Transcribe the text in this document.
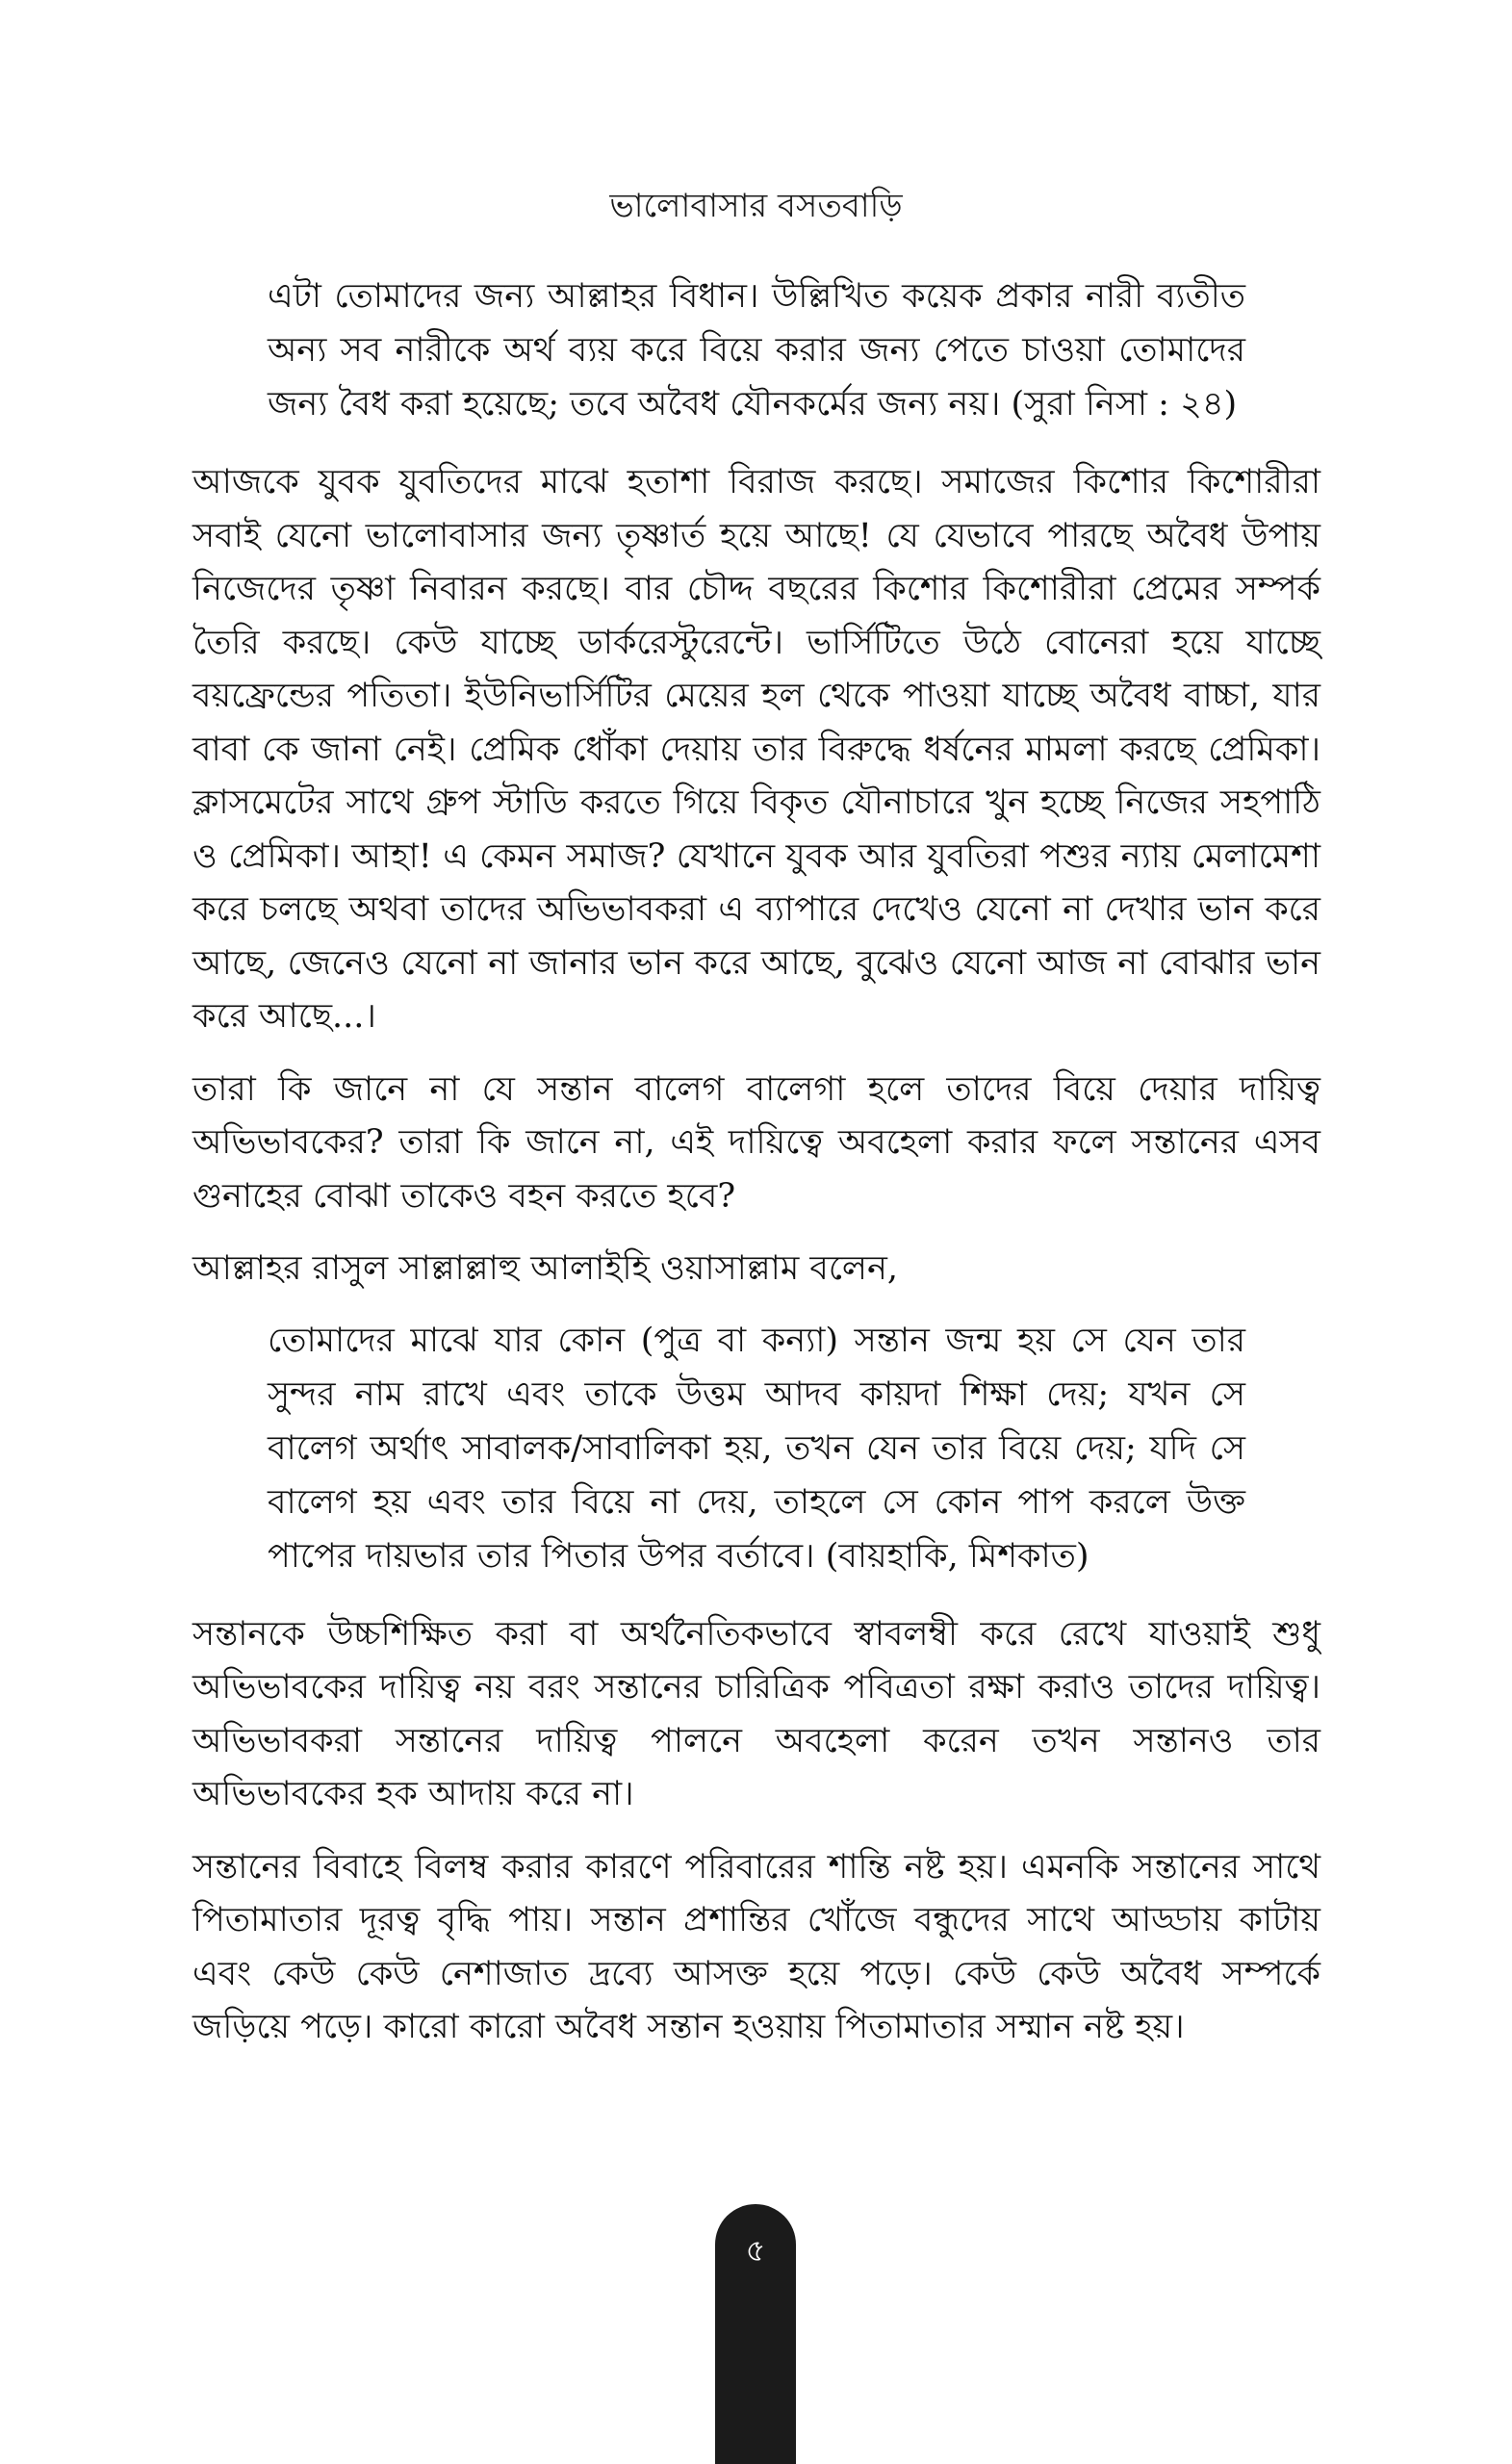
ভালোবাসার বসতবাড়ি

এটা তোমাদের জন্য আল্লাহর বিধান। উল্লিখিত কয়েক প্রকার নারী ব্যতীত অন্য সব নারীকে অর্থ ব্যয় করে বিয়ে করার জন্য পেতে চাওয়া তোমাদের জন্য বৈধ করা হয়েছে; তবে অবৈধ যৌনকর্মের জন্য নয়। (সুরা নিসা : ২৪)

আজকে যুবক যুবতিদের মাঝে হতাশা বিরাজ করছে। সমাজের কিশোর কিশোরীরা সবাই যেনো ভালোবাসার জন্য তৃষ্ণার্ত হয়ে আছে! যে যেভাবে পারছে অবৈধ উপায় নিজেদের তৃষ্ণা নিবারন করছে। বার চৌদ্দ বছরের কিশোর কিশোরীরা প্রেমের সম্পর্ক তৈরি করছে। কেউ যাচ্ছে ডার্করেস্টুরেন্টে। ভার্সিটিতে উঠে বোনেরা হয়ে যাচ্ছে বয়ফ্রেন্ডের পতিতা। ইউনিভার্সিটির মেয়ের হল থেকে পাওয়া যাচ্ছে অবৈধ বাচ্চা, যার বাবা কে জানা নেই। প্রেমিক ধোঁকা দেয়ায় তার বিরুদ্ধে ধর্ষনের মামলা করছে প্রেমিকা। ক্লাসমেটের সাথে গ্রুপ স্টাডি করতে গিয়ে বিকৃত যৌনাচারে খুন হচ্ছে নিজের সহপাঠি ও প্রেমিকা। আহা! এ কেমন সমাজ? যেখানে যুবক আর যুবতিরা পশুর ন্যায় মেলামেশা করে চলছে অথবা তাদের অভিভাবকরা এ ব্যাপারে দেখেও যেনো না দেখার ভান করে আছে, জেনেও যেনো না জানার ভান করে আছে, বুঝেও যেনো আজ না বোঝার ভান করে আছে...।

তারা কি জানে না যে সন্তান বালেগ বালেগা হলে তাদের বিয়ে দেয়ার দায়িত্ব অভিভাবকের? তারা কি জানে না, এই দায়িত্বে অবহেলা করার ফলে সন্তানের এসব গুনাহের বোঝা তাকেও বহন করতে হবে?

আল্লাহর রাসুল সাল্লাল্লাহু আলাইহি ওয়াসাল্লাম বলেন,

তোমাদের মাঝে যার কোন (পুত্র বা কন্যা) সন্তান জন্ম হয় সে যেন তার সুন্দর নাম রাখে এবং তাকে উত্তম আদব কায়দা শিক্ষা দেয়; যখন সে বালেগ অর্থাৎ সাবালক/সাবালিকা হয়, তখন যেন তার বিয়ে দেয়; যদি সে বালেগ হয় এবং তার বিয়ে না দেয়, তাহলে সে কোন পাপ করলে উক্ত পাপের দায়ভার তার পিতার উপর বর্তাবে। (বায়হাকি, মিশকাত)

সন্তানকে উচ্চশিক্ষিত করা বা অর্থনৈতিকভাবে স্বাবলম্বী করে রেখে যাওয়াই শুধু অভিভাবকের দায়িত্ব নয় বরং সন্তানের চারিত্রিক পবিত্রতা রক্ষা করাও তাদের দায়িত্ব। অভিভাবকরা সন্তানের দায়িত্ব পালনে অবহেলা করেন তখন সন্তানও তার অভিভাবকের হক আদায় করে না।

সন্তানের বিবাহে বিলম্ব করার কারণে পরিবারের শান্তি নষ্ট হয়। এমনকি সন্তানের সাথে পিতামাতার দূরত্ব বৃদ্ধি পায়। সন্তান প্রশান্তির খোঁজে বন্ধুদের সাথে আড্ডায় কাটায় এবং কেউ কেউ নেশাজাত দ্রব্যে আসক্ত হয়ে পড়ে। কেউ কেউ অবৈধ সম্পর্কে জড়িয়ে পড়ে। কারো কারো অবৈধ সন্তান হওয়ায় পিতামাতার সম্মান নষ্ট হয়।

৫
